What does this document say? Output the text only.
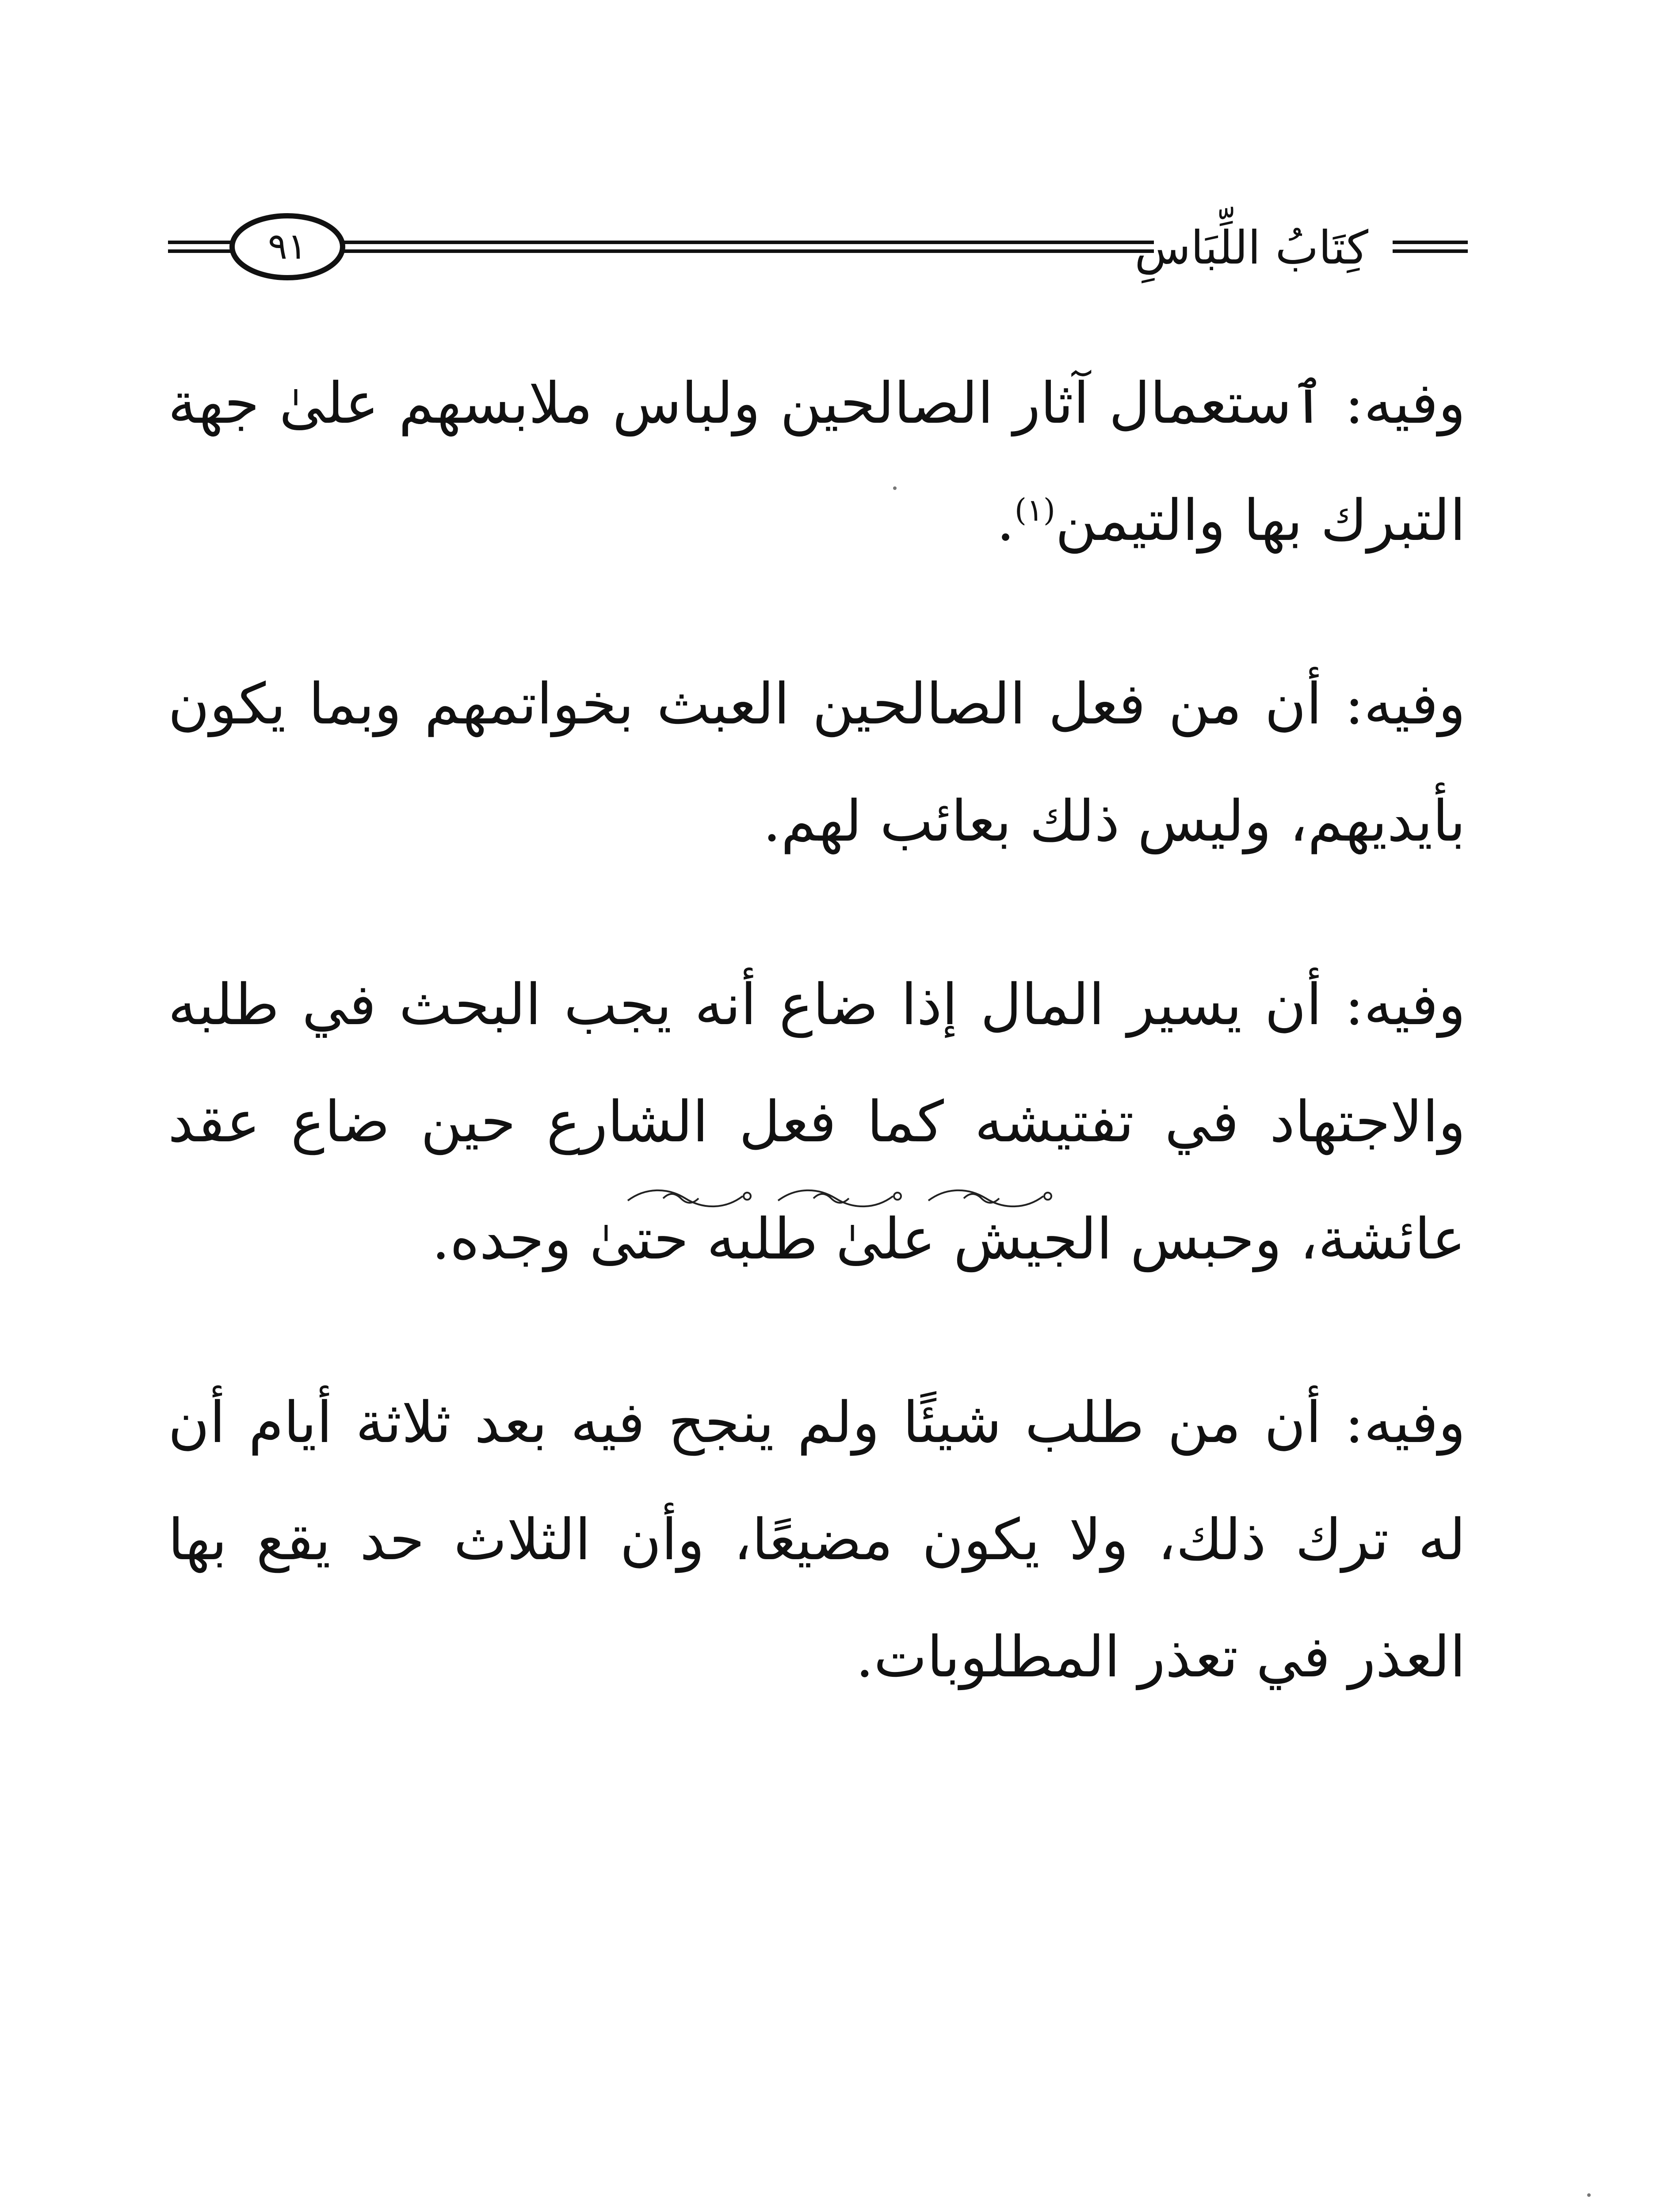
٩١	كِتَابُ اللِّبَاسِ

وفيه: ٱستعمال آثار الصالحين ولباس ملابسهم علىٰ جهة التبرك بها والتيمن$^{(١)}$.

وفيه: أن من فعل الصالحين العبث بخواتمهم وبما يكون بأيديهم، وليس ذلك بعائب لهم.

وفيه: أن يسير المال إذا ضاع أنه يجب البحث في طلبه والاجتهاد في تفتيشه كما فعل الشارع حين ضاع عقد عائشة، وحبس الجيش علىٰ طلبه حتىٰ وجده.

وفيه: أن من طلب شيئًا ولم ينجح فيه بعد ثلاثة أيام أن له ترك ذلك، ولا يكون مضيعًا، وأن الثلاث حد يقع بها العذر في تعذر المطلوبات.
